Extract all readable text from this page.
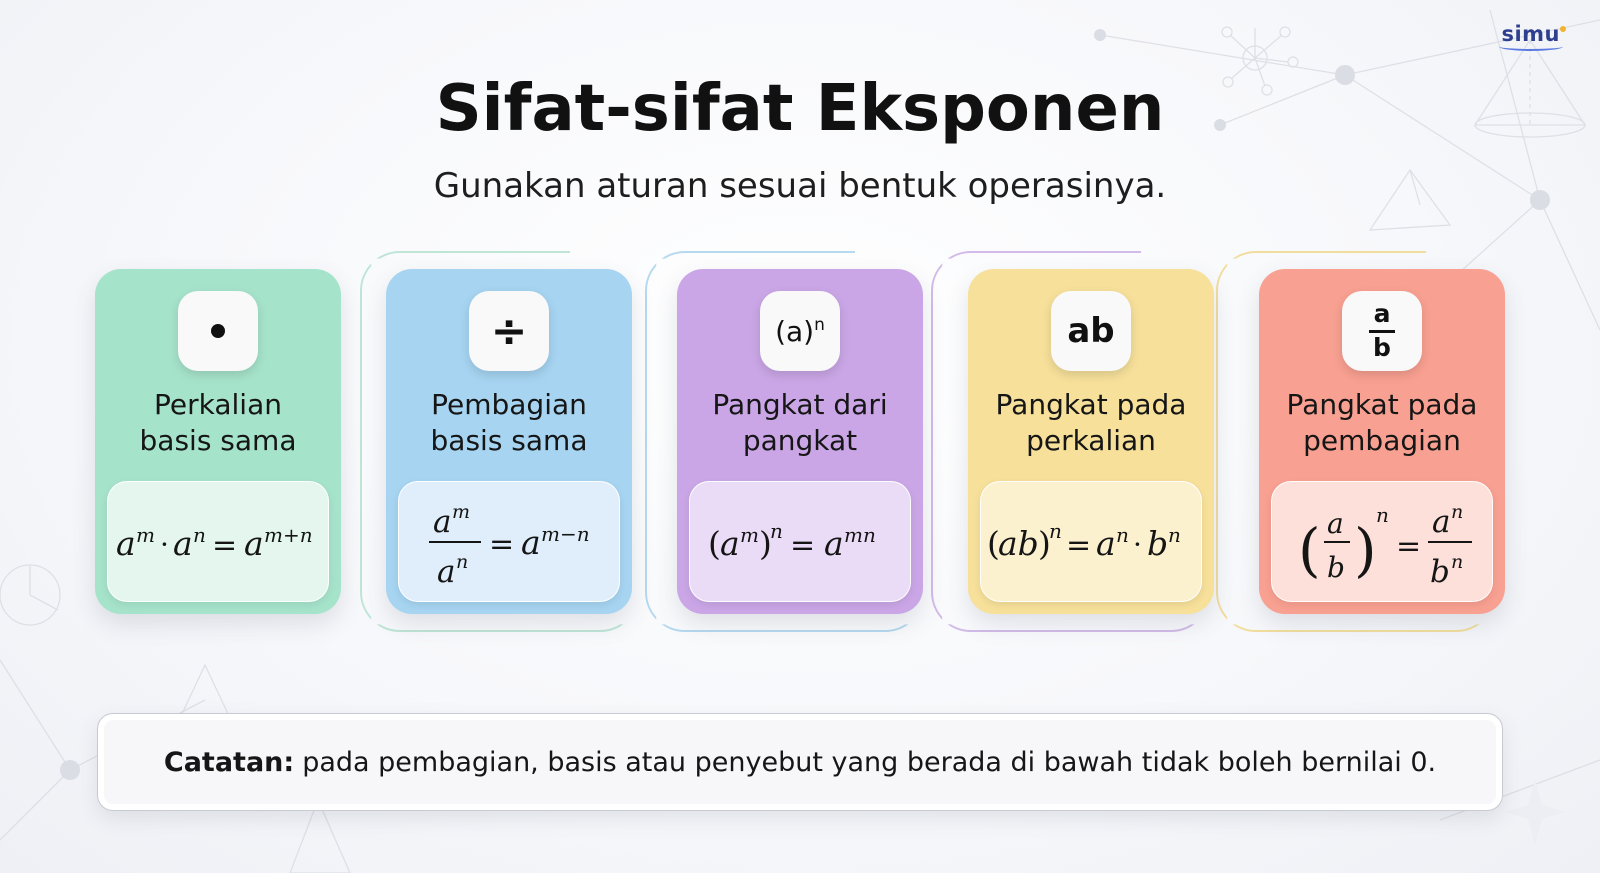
simu
Sifat-sifat Eksponen

Gunakan aturan sesuai bentuk operasinya.

Perkalian
basis sama
a m · a n = a m+n
÷
Pembagian
basis sama
a m
a n = a m−n
$(a)^n$
Pangkat dari
pangkat
( a m )
n = a mn
ab
Pangkat pada
perkalian
(
ab )
n = a n · b n
$\frac{a}{b}$
Pangkat pada
pembagian
( a
b )
n
=
a n
b n
Catatan: pada pembagian, basis atau penyebut yang berada di bawah tidak boleh bernilai 0.
